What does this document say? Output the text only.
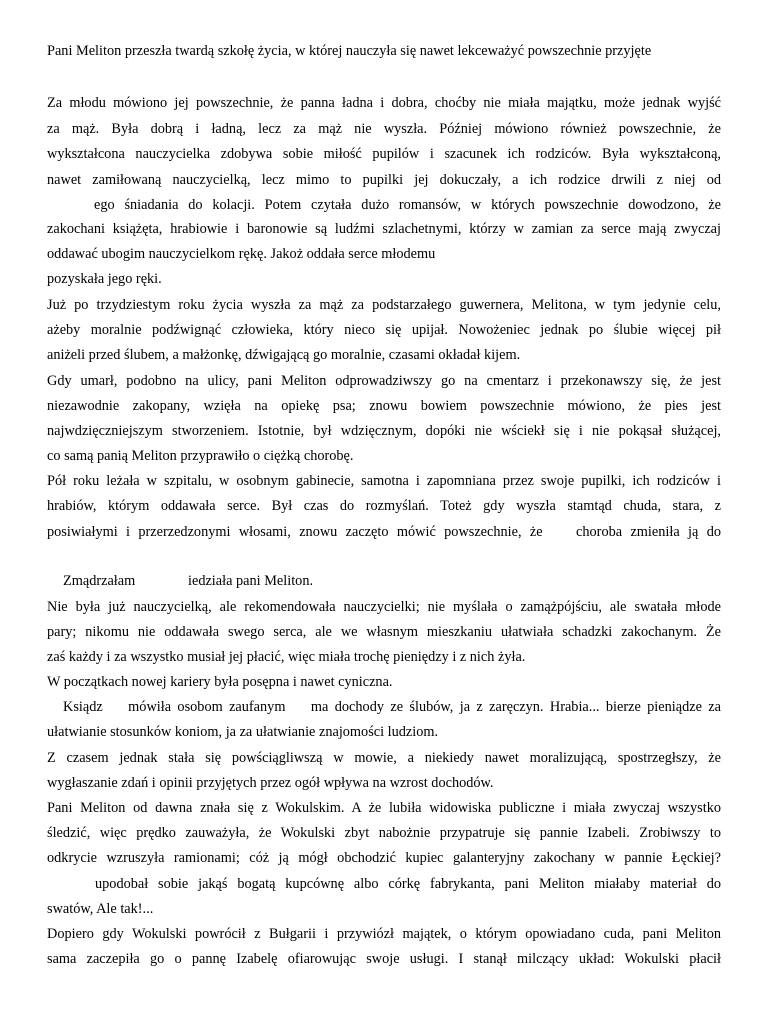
Pani Meliton przeszła twardą szkołę życia, w której nauczyła się nawet lekceważyć powszechnie przyjęte
Za młodu mówiono jej powszechnie, że panna ładna i dobra, choćby nie miała majątku, może jednak wyjść
za mąż. Była dobrą i ładną, lecz za mąż nie wyszła. Później mówiono również powszechnie, że
wykształcona nauczycielka zdobywa sobie miłość pupilów i szacunek ich rodziców. Była wykształconą,
nawet zamiłowaną nauczycielką, lecz mimo to pupilki jej dokuczały, a ich rodzice drwili z niej od
ego śniadania do kolacji. Potem czytała dużo romansów, w których powszechnie dowodzono, że
zakochani książęta, hrabiowie i baronowie są ludźmi szlachetnymi, którzy w zamian za serce mają zwyczaj
oddawać ubogim nauczycielkom rękę. Jakoż oddała serce młodemu
pozyskała jego ręki.
Już po trzydziestym roku życia wyszła za mąż za podstarzałego guwernera, Melitona, w tym jedynie celu,
ażeby moralnie podźwignąć człowieka, który nieco się upijał. Nowożeniec jednak po ślubie więcej pił
aniżeli przed ślubem, a małżonkę, dźwigającą go moralnie, czasami okładał kijem.
Gdy umarł, podobno na ulicy, pani Meliton odprowadziwszy go na cmentarz i przekonawszy się, że jest
niezawodnie zakopany, wzięła na opiekę psa; znowu bowiem powszechnie mówiono, że pies jest
najwdzięczniejszym stworzeniem. Istotnie, był wdzięcznym, dopóki nie wściekł się i nie pokąsał służącej,
co samą panią Meliton przyprawiło o ciężką chorobę.
Pół roku leżała w szpitalu, w osobnym gabinecie, samotna i zapomniana przez swoje pupilki, ich rodziców i
hrabiów, którym oddawała serce. Był czas do rozmyślań. Toteż gdy wyszła stamtąd chuda, stara, z
posiwiałymi i przerzedzonymi włosami, znowu zaczęto mówić powszechnie, że    choroba zmieniła ją do
Zmądrzałam	iedziała pani Meliton.
Nie była już nauczycielką, ale rekomendowała nauczycielki; nie myślała o zamążpójściu, ale swatała młode
pary; nikomu nie oddawała swego serca, ale we własnym mieszkaniu ułatwiała schadzki zakochanym. Że
zaś każdy i za wszystko musiał jej płacić, więc miała trochę pieniędzy i z nich żyła.
W początkach nowej kariery była posępna i nawet cyniczna.
Ksiądz    mówiła osobom zaufanym    ma dochody ze ślubów, ja z zaręczyn. Hrabia... bierze pieniądze za
ułatwianie stosunków koniom, ja za ułatwianie znajomości ludziom.
Z czasem jednak stała się powściągliwszą w mowie, a niekiedy nawet moralizującą, spostrzegłszy, że
wygłaszanie zdań i opinii przyjętych przez ogół wpływa na wzrost dochodów.
Pani Meliton od dawna znała się z Wokulskim. A że lubiła widowiska publiczne i miała zwyczaj wszystko
śledzić, więc prędko zauważyła, że Wokulski zbyt nabożnie przypatruje się pannie Izabeli. Zrobiwszy to
odkrycie wzruszyła ramionami; cóż ją mógł obchodzić kupiec galanteryjny zakochany w pannie Łęckiej?
upodobał sobie jakąś bogatą kupcównę albo córkę fabrykanta, pani Meliton miałaby materiał do
swatów, Ale tak!...
Dopiero gdy Wokulski powrócił z Bułgarii i przywiózł majątek, o którym opowiadano cuda, pani Meliton
sama zaczepiła go o pannę Izabelę ofiarowując swoje usługi. I stanął milczący układ: Wokulski płacił
